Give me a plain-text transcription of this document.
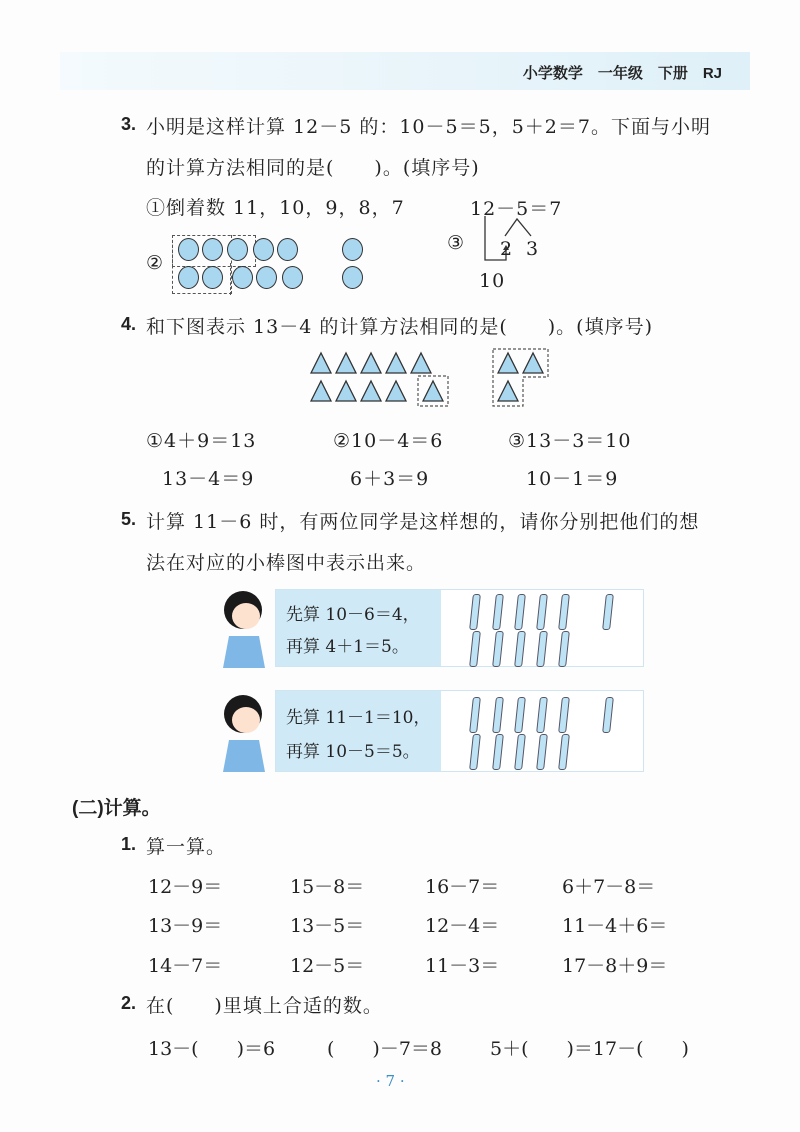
小学数学　一年级　下册　RJ
3. 小明是这样计算 12－5 的：10－5＝5，5＋2＝7。下面与小明
的计算方法相同的是(　　)。(填序号)
①倒着数 11，10，9，8，7
②
③
12－5＝7
2 3
10
4. 和下图表示 13－4 的计算方法相同的是(　　)。(填序号)
①4＋9＝13
13－4＝9
②10－4＝6
6＋3＝9
③13－3＝10
10－1＝9
5. 计算 11－6 时，有两位同学是这样想的，请你分别把他们的想
法在对应的小棒图中表示出来。
先算 10－6＝4，
再算 4＋1＝5。
先算 11－1＝10，
再算 10－5＝5。
(二)计算。
1. 算一算。
12－9＝	15－8＝	16－7＝	6＋7－8＝
13－9＝	13－5＝	12－4＝	11－4＋6＝
14－7＝	12－5＝	11－3＝	17－8＋9＝
2. 在(　　)里填上合适的数。
13－(　　)＝6	(　　)－7＝8	5＋(　　)＝17－(　　)
· 7 ·
